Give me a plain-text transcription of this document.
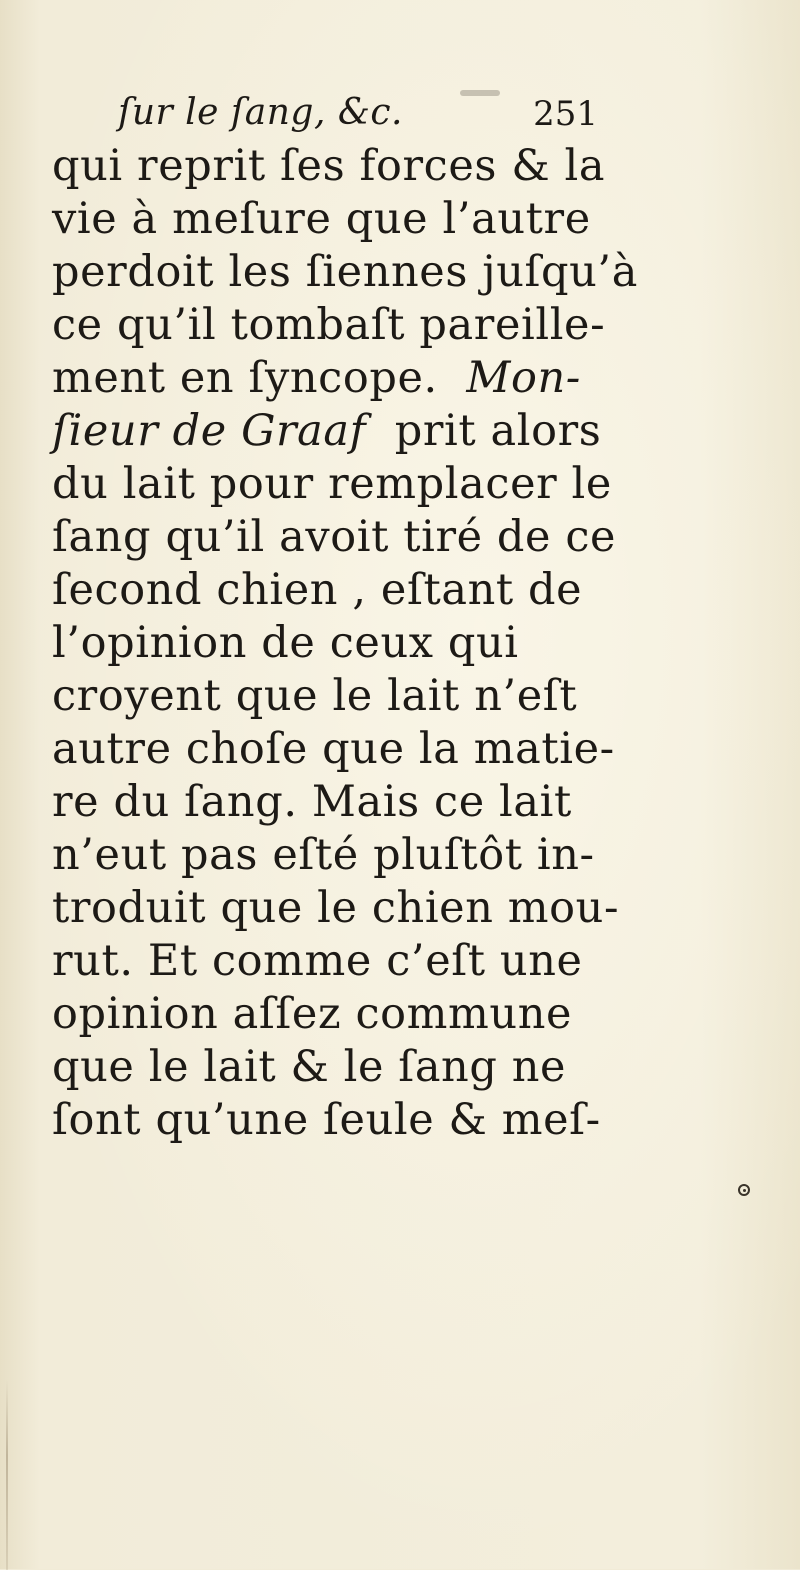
ſur le ſang, &c.	251
qui reprit ſes forces & la
vie à meſure que l’autre
perdoit les ſiennes juſqu’à
ce qu’il tombaſt pareille-
ment en ſyncope. Mon-
ſieur de Graaf prit alors
du lait pour remplacer le
ſang qu’il avoit tiré de ce
ſecond chien , eſtant de
l’opinion de ceux qui
croyent que le lait n’eſt
autre choſe que la matie-
re du ſang. Mais ce lait
n’eut pas eſté pluſtôt in-
troduit que le chien mou-
rut. Et comme c’eſt une
opinion aſſez commune
que le lait & le ſang ne
ſont qu’une ſeule & meſ-
